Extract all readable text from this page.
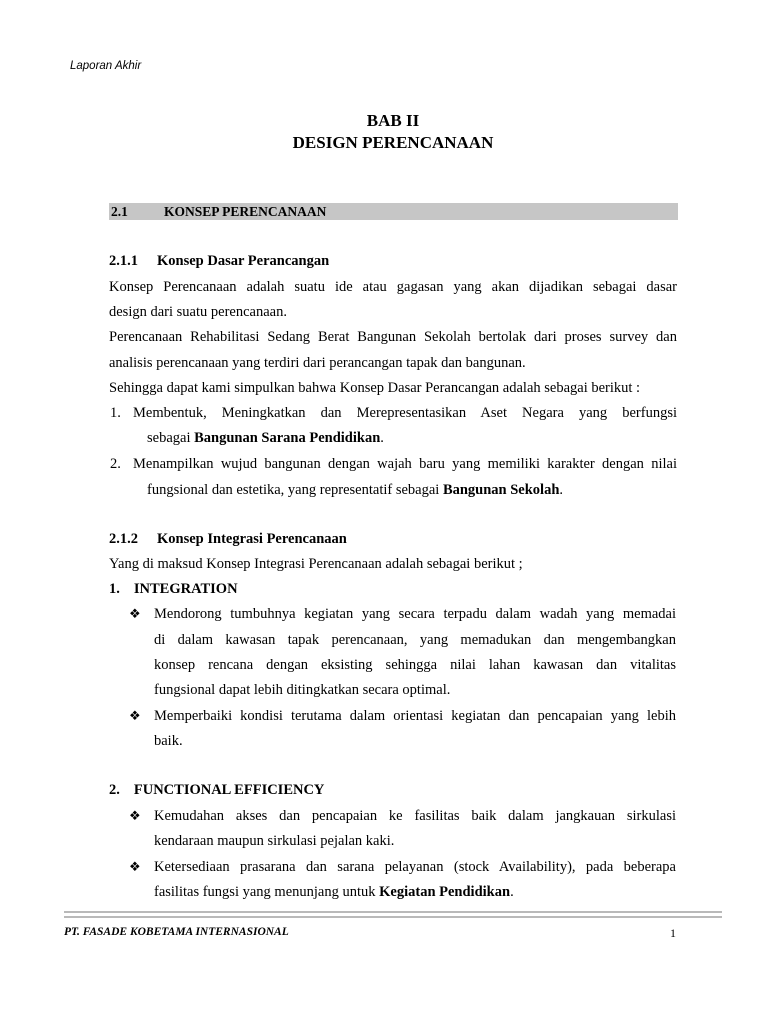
Laporan Akhir
BAB II
DESIGN PERENCANAAN
2.1	KONSEP PERENCANAAN
2.1.1 Konsep Dasar Perancangan
Konsep Perencanaan adalah suatu ide atau gagasan yang akan dijadikan sebagai dasar
design dari suatu perencanaan.
Perencanaan Rehabilitasi Sedang Berat Bangunan Sekolah bertolak dari proses survey dan
analisis perencanaan yang terdiri dari perancangan tapak dan bangunan.
Sehingga dapat kami simpulkan bahwa Konsep Dasar Perancangan adalah sebagai berikut :
1. Membentuk, Meningkatkan dan Merepresentasikan Aset Negara yang berfungsi
sebagai Bangunan Sarana Pendidikan.
2. Menampilkan wujud bangunan dengan wajah baru yang memiliki karakter dengan nilai
fungsional dan estetika, yang representatif sebagai Bangunan Sekolah.
2.1.2 Konsep Integrasi Perencanaan
Yang di maksud Konsep Integrasi Perencanaan adalah sebagai berikut ;
1. INTEGRATION
❖ Mendorong tumbuhnya kegiatan yang secara terpadu dalam wadah yang memadai
di dalam kawasan tapak perencanaan, yang memadukan dan mengembangkan
konsep rencana dengan eksisting sehingga nilai lahan kawasan dan vitalitas
fungsional dapat lebih ditingkatkan secara optimal.
❖ Memperbaiki kondisi terutama dalam orientasi kegiatan dan pencapaian yang lebih
baik.
2. FUNCTIONAL EFFICIENCY
❖ Kemudahan akses dan pencapaian ke fasilitas baik dalam jangkauan sirkulasi
kendaraan maupun sirkulasi pejalan kaki.
❖ Ketersediaan prasarana dan sarana pelayanan (stock Availability), pada beberapa
fasilitas fungsi yang menunjang untuk Kegiatan Pendidikan.
PT. FASADE KOBETAMA INTERNASIONAL	1
